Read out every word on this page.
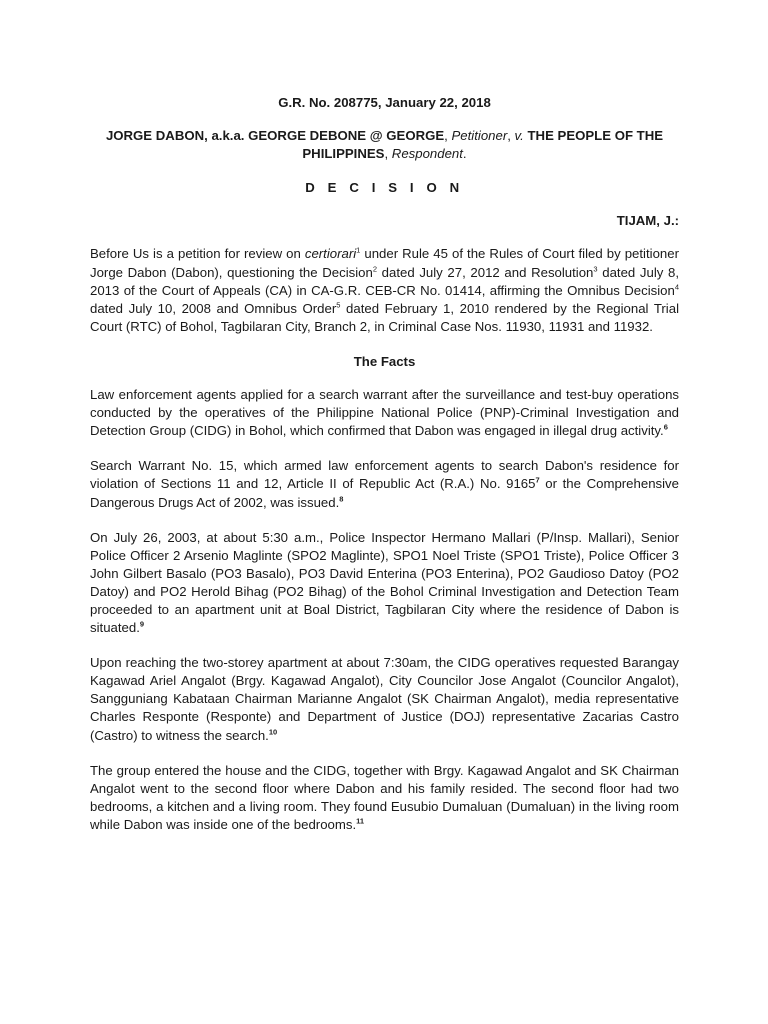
G.R. No. 208775, January 22, 2018
JORGE DABON, a.k.a. GEORGE DEBONE @ GEORGE, Petitioner, v. THE PEOPLE OF THE
PHILIPPINES, Respondent.
D E C I S I O N
TIJAM, J.:

Before Us is a petition for review on certiorari$^1$ under Rule 45 of the Rules of Court filed by petitioner Jorge Dabon (Dabon), questioning the Decision$^2$ dated July 27, 2012 and Resolution$^3$ dated July 8, 2013 of the Court of Appeals (CA) in CA-G.R. CEB-CR No. 01414, affirming the Omnibus Decision$^4$ dated July 10, 2008 and Omnibus Order$^5$ dated February 1, 2010 rendered by the Regional Trial Court (RTC) of Bohol, Tagbilaran City, Branch 2, in Criminal Case Nos. 11930, 11931 and 11932.

The Facts

Law enforcement agents applied for a search warrant after the surveillance and test-buy operations conducted by the operatives of the Philippine National Police (PNP)-Criminal Investigation and Detection Group (CIDG) in Bohol, which confirmed that Dabon was engaged in illegal drug activity.$^6$

Search Warrant No. 15, which armed law enforcement agents to search Dabon's residence for violation of Sections 11 and 12, Article II of Republic Act (R.A.) No. 9165$^7$ or the Comprehensive Dangerous Drugs Act of 2002, was issued.$^8$

On July 26, 2003, at about 5:30 a.m., Police Inspector Hermano Mallari (P/Insp. Mallari), Senior Police Officer 2 Arsenio Maglinte (SPO2 Maglinte), SPO1 Noel Triste (SPO1 Triste), Police Officer 3 John Gilbert Basalo (PO3 Basalo), PO3 David Enterina (PO3 Enterina), PO2 Gaudioso Datoy (PO2 Datoy) and PO2 Herold Bihag (PO2 Bihag) of the Bohol Criminal Investigation and Detection Team proceeded to an apartment unit at Boal District, Tagbilaran City where the residence of Dabon is situated.$^9$

Upon reaching the two-storey apartment at about 7:30am, the CIDG operatives requested Barangay Kagawad Ariel Angalot (Brgy. Kagawad Angalot), City Councilor Jose Angalot (Councilor Angalot), Sangguniang Kabataan Chairman Marianne Angalot (SK Chairman Angalot), media representative Charles Responte (Responte) and Department of Justice (DOJ) representative Zacarias Castro (Castro) to witness the search.$^{10}$

The group entered the house and the CIDG, together with Brgy. Kagawad Angalot and SK Chairman Angalot went to the second floor where Dabon and his family resided. The second floor had two bedrooms, a kitchen and a living room. They found Eusubio Dumaluan (Dumaluan) in the living room while Dabon was inside one of the bedrooms.$^{11}$
